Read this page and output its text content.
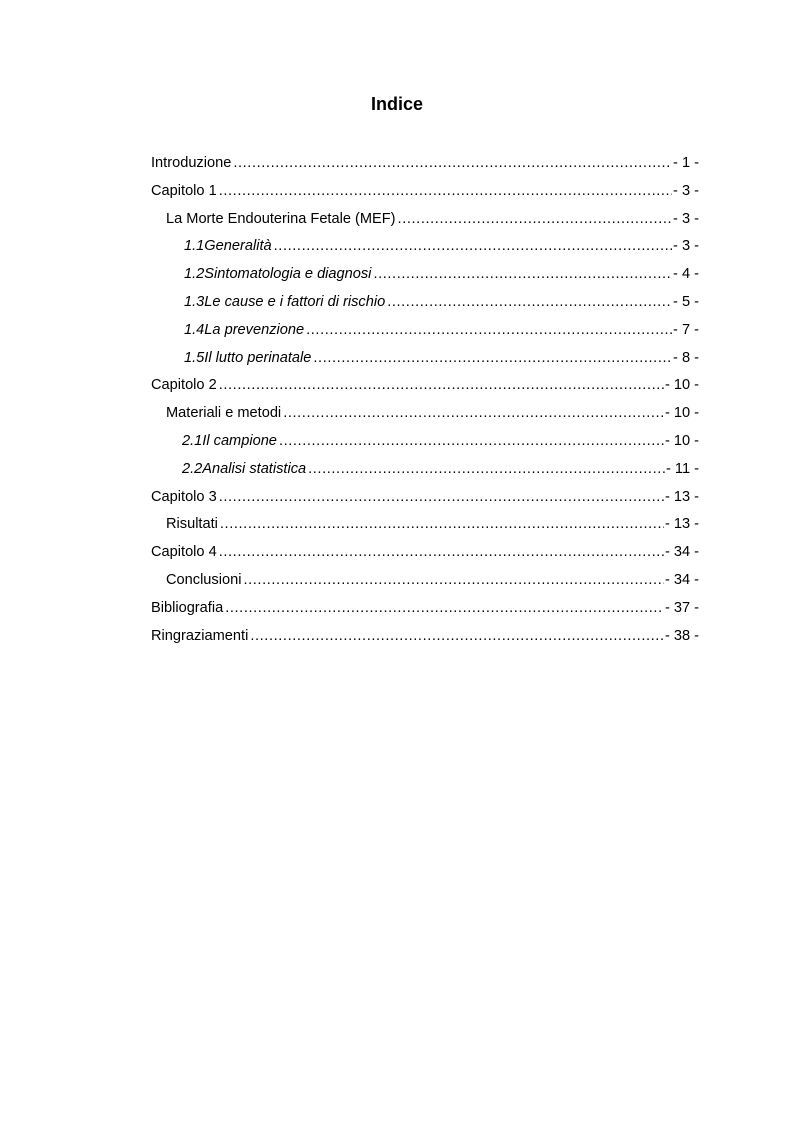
Indice
Introduzione .....	- 1 -
Capitolo 1 .....	- 3 -
La Morte Endouterina Fetale (MEF) .....	- 3 -
1.1 Generalità .....	- 3 -
1.2 Sintomatologia e diagnosi .....	- 4 -
1.3 Le cause e i fattori di rischio .....	- 5 -
1.4 La prevenzione .....	- 7 -
1.5 Il lutto perinatale .....	- 8 -
Capitolo 2 .....	- 10 -
Materiali e metodi .....	- 10 -
2.1 Il campione .....	- 10 -
2.2 Analisi statistica .....	- 11 -
Capitolo 3 .....	- 13 -
Risultati .....	- 13 -
Capitolo 4 .....	- 34 -
Conclusioni .....	- 34 -
Bibliografia .....	- 37 -
Ringraziamenti .....	- 38 -
